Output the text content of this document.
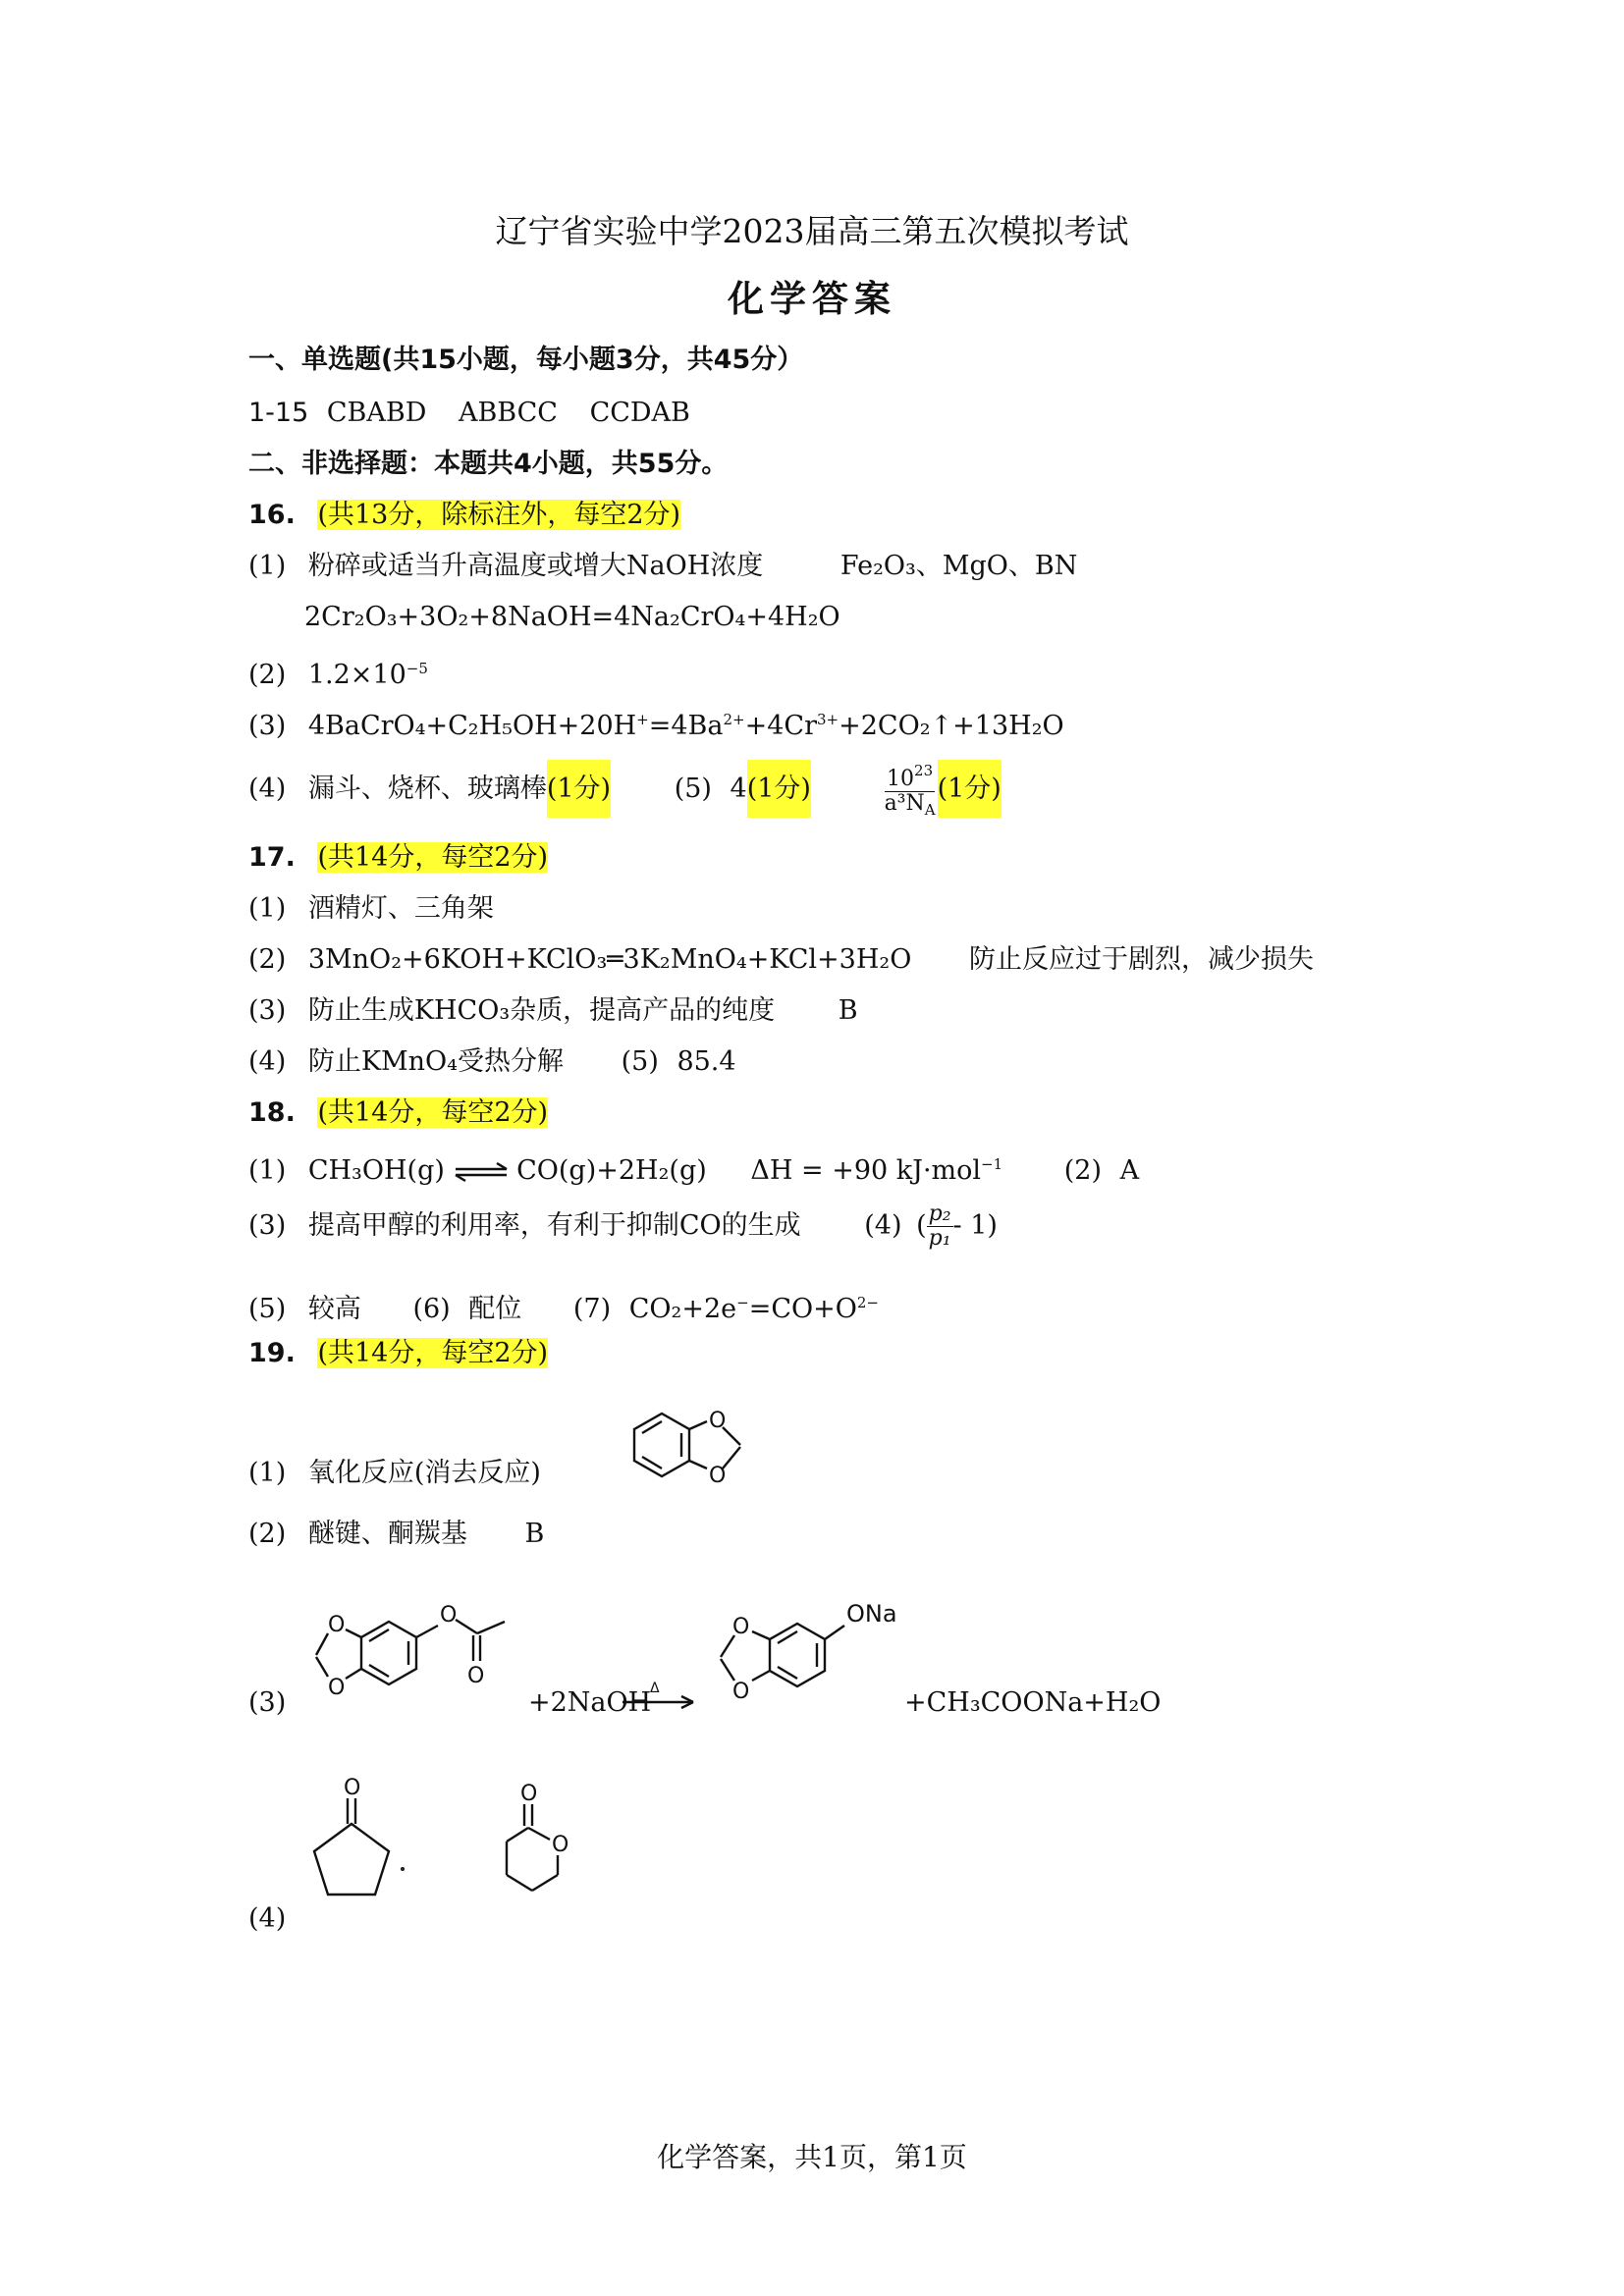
辽宁省实验中学2023届高三第五次模拟考试
化学答案
一、单选题(共15小题，每小题3分，共45分）
1-15 CBABD ABBCC CCDAB
二、非选择题：本题共4小题，共55分。
16. (共13分，除标注外，每空2分)
(1) 粉碎或适当升高温度或增大NaOH浓度	Fe₂O₃、MgO、BN
2Cr₂O₃+3O₂+8NaOH=4Na₂CrO₄+4H₂O
(2) $1.2\times 10^{-5}$
(3) $4BaCrO_4+C_2H_5OH+20H^+=4Ba^{2+}+4Cr^{3+}+2CO_2↑+13H_2O$
(4) 漏斗、烧杯、玻璃棒(1分) (5) 4(1分)	$\frac{10^{23}}{a^3N_A} (1$分)
17. (共14分，每空2分)
(1) 酒精灯、三角架
(2) 3MnO₂+6KOH+KClO₃═3K₂MnO₄+KCl+3H₂O 防止反应过于剧烈，减少损失
(3) 防止生成KHCO₃杂质，提高产品的纯度 B
(4) 防止KMnO₄受热分解 (5) 85.4
18. (共14分，每空2分)
(1) CH₃OH(g) ⇌ CO(g)+2H₂(g) ΔH = +90 kJ·mol$^{-1}$ (2) A
(3) 提高甲醇的利用率，有利于抑制CO的生成 (4) ( $\frac{\text{p₂}}{\text{p₁}} - 1$)
(5) 较高 (6) 配位 (7) $CO_2+2e^-=CO+O^{2-}$
19. (共14分，每空2分)
(1) 氧化反应(消去反应)
O
O
(2) 醚键、酮羰基 B
(3)
O
O
O
O
+2NaOH
Δ
O
O
ONa
+CH₃COONa+H₂O
(4)
O	O
O
化学答案，共1页，第1页
